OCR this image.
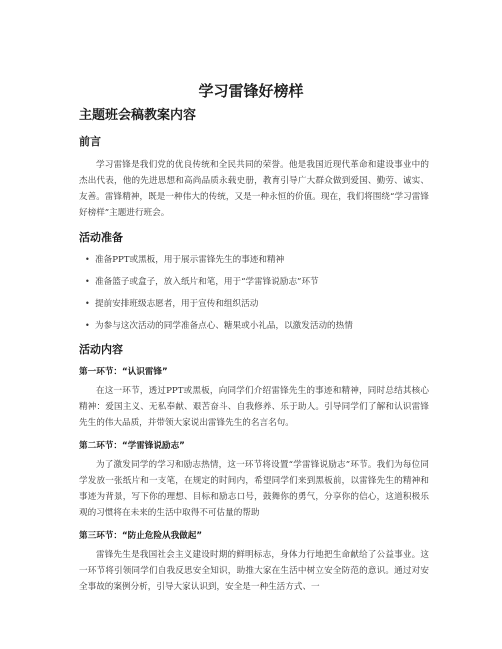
学习雷锋好榜样
主题班会稿教案内容
前言

学习雷锋是我们党的优良传统和全民共同的荣誉。他是我国近现代革命和建设事业中的杰出代表，他的先进思想和高尚品质永载史册，教育引导广大群众做到爱国、勤劳、诚实、友善。雷锋精神，既是一种伟大的传统，又是一种永恒的价值。现在，我们将围绕“学习雷锋好榜样”主题进行班会。

活动准备
• 准备PPT或黑板，用于展示雷锋先生的事迹和精神
• 准备篮子或盒子，放入纸片和笔，用于“学雷锋说励志”环节
• 提前安排班级志愿者，用于宣传和组织活动
• 为参与这次活动的同学准备点心、糖果或小礼品，以激发活动的热情
活动内容
第一环节：“认识雷锋”

在这一环节，透过PPT或黑板，向同学们介绍雷锋先生的事迹和精神，同时总结其核心精神：爱国主义、无私奉献、艰苦奋斗、自我修养、乐于助人。引导同学们了解和认识雷锋先生的伟大品质，并带领大家说出雷锋先生的名言名句。

第二环节：“学雷锋说励志”

为了激发同学的学习和励志热情，这一环节将设置“学雷锋说励志”环节。我们为每位同学发放一张纸片和一支笔，在规定的时间内，希望同学们来到黑板前，以雷锋先生的精神和事迹为背景，写下你的理想、目标和励志口号，鼓舞你的勇气，分享你的信心，这道积极乐观的习惯将在未来的生活中取得不可估量的帮助

第三环节：“防止危险从我做起”

雷锋先生是我国社会主义建设时期的鲜明标志，身体力行地把生命献给了公益事业。这一环节将引领同学们自我反思安全知识，助推大家在生活中树立安全防范的意识。通过对安全事故的案例分析，引导大家认识到，安全是一种生活方式、一
